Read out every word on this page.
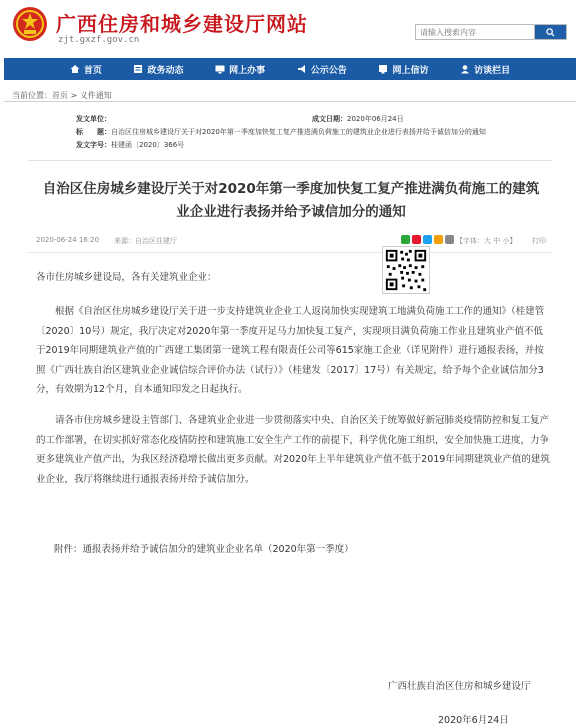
广西住房和城乡建设厅网站
zjt.gxzf.gov.cn
请输入搜索内容
首页	政务动态	网上办事	公示公告	网上信访	访谈栏目
当前位置：首页 > 义件通知
发文单位：	成文日期：2020年06月24日
标　　题：自治区住房城乡建设厅关于对2020年第一季度加快复工复产推进满负荷施工的建筑业企业进行表扬并给予诚信加分的通知
发文字号：桂建函〔2020〕366号
自治区住房城乡建设厅关于对2020年第一季度加快复工复产推进满负荷施工的建筑业企业进行表扬并给予诚信加分的通知
2020-06-24 16:20 来源：自治区住建厅	【字体：大 中 小】 打印
各市住房城乡建设局，各有关建筑业企业：
根据《自治区住房城乡建设厅关于进一步支持建筑业企业工人返岗加快实现建筑工地满负荷施工工作的通知》（桂建管〔2020〕10号）规定，我厅决定对2020年第一季度开足马力加快复工复产，实现项目满负荷施工作业且建筑业产值不低于2019年同期建筑业产值的广西建工集团第一建筑工程有限责任公司等615家施工企业（详见附件）进行通报表扬，并按照《广西壮族自治区建筑业企业诚信综合评价办法（试行）》（桂建发〔2017〕17号）有关规定，给予每个企业诚信加分3分，有效期为12个月，自本通知印发之日起执行。
请各市住房城乡建设主管部门、各建筑业企业进一步贯彻落实中央、自治区关于统筹做好新冠肺炎疫情防控和复工复产的工作部署，在切实抓好常态化疫情防控和建筑施工安全生产工作的前提下，科学优化施工组织，安全加快施工进度，力争更多建筑业产值产出，为我区经济稳增长做出更多贡献。对2020年上半年建筑业产值不低于2019年同期建筑业产值的建筑业企业，我厅将继续进行通报表扬并给予诚信加分。
附件：通报表扬并给予诚信加分的建筑业企业名单（2020年第一季度）
广西壮族自治区住房和城乡建设厅
2020年6月24日
